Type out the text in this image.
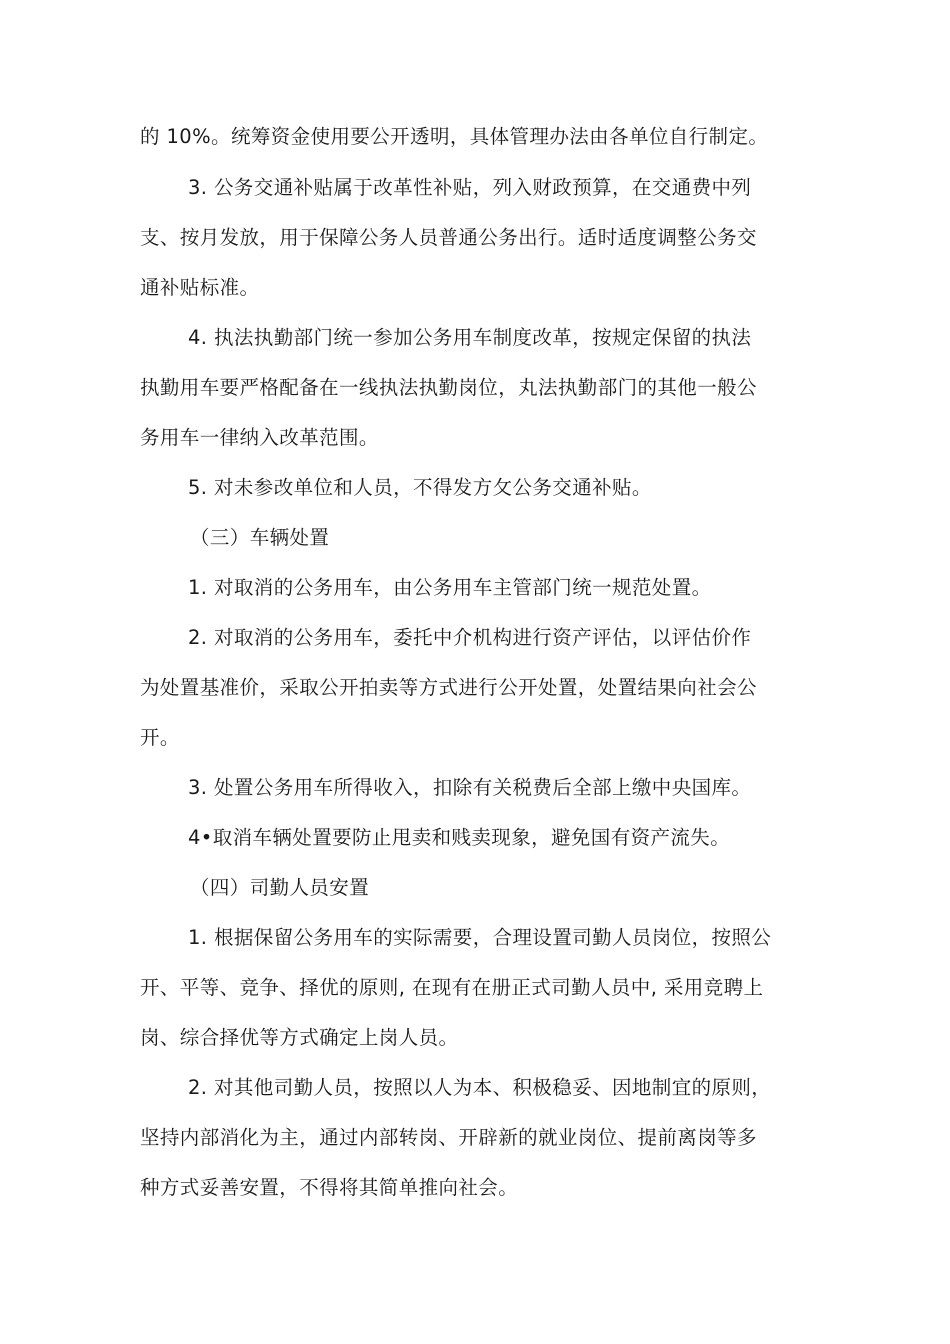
的 10%。统筹资金使用要公开透明，具体管理办法由各单位自行制定。
3. 公务交通补贴属于改革性补贴，列入财政预算，在交通费中列
支、按月发放，用于保障公务人员普通公务出行。适时适度调整公务交
通补贴标准。
4. 执法执勤部门统一参加公务用车制度改革，按规定保留的执法
执勤用车要严格配备在一线执法执勤岗位，丸法执勤部门的其他一般公
务用车一律纳入改革范围。
5. 对未参改单位和人员，不得发方攵公务交通补贴。
（三）车辆处置
1. 对取消的公务用车，由公务用车主管部门统一规范处置。
2. 对取消的公务用车，委托中介机构进行资产评估，以评估价作
为处置基准价，采取公开拍卖等方式进行公开处置，处置结果向社会公
开。
3. 处置公务用车所得收入，扣除有关税费后全部上缴中央国库。
4•取消车辆处置要防止甩卖和贱卖现象，避免国有资产流失。
（四）司勤人员安置
1. 根据保留公务用车的实际需要，合理设置司勤人员岗位，按照公
开、平等、竞争、择优的原则, 在现有在册正式司勤人员中, 采用竞聘上
岗、综合择优等方式确定上岗人员。
2. 对其他司勤人员，按照以人为本、积极稳妥、因地制宜的原则，
坚持内部消化为主，通过内部转岗、开辟新的就业岗位、提前离岗等多
种方式妥善安置，不得将其简单推向社会。
